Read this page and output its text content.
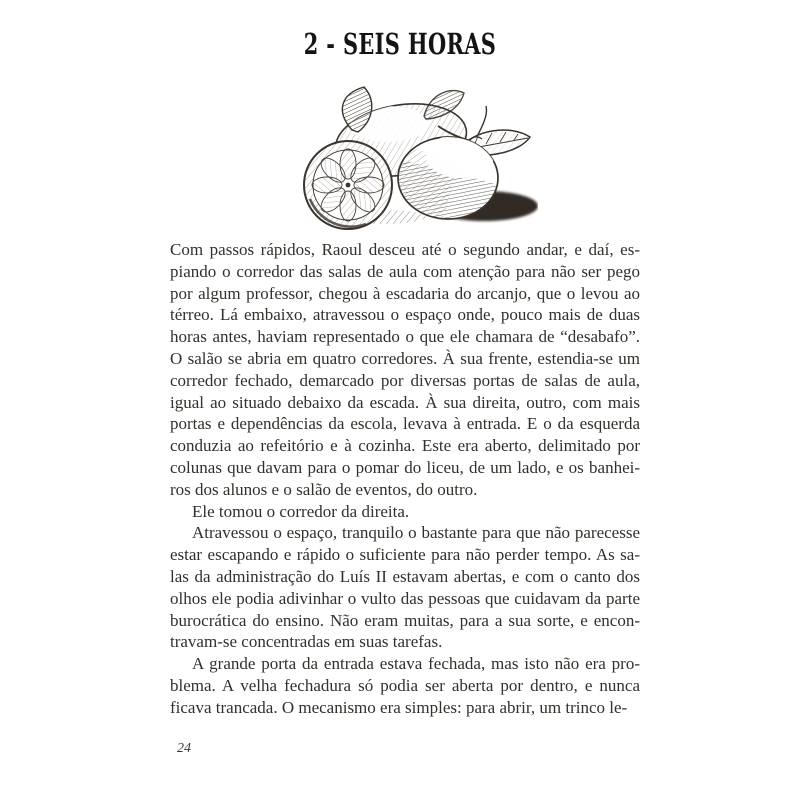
2 - SEIS HORAS
Com passos rápidos, Raoul desceu até o segundo andar, e daí, es-
piando o corredor das salas de aula com atenção para não ser pego
por algum professor, chegou à escadaria do arcanjo, que o levou ao
térreo. Lá embaixo, atravessou o espaço onde, pouco mais de duas
horas antes, haviam representado o que ele chamara de “desabafo”.
O salão se abria em quatro corredores. À sua frente, estendia-se um
corredor fechado, demarcado por diversas portas de salas de aula,
igual ao situado debaixo da escada. À sua direita, outro, com mais
portas e dependências da escola, levava à entrada. E o da esquerda
conduzia ao refeitório e à cozinha. Este era aberto, delimitado por
colunas que davam para o pomar do liceu, de um lado, e os banhei-
ros dos alunos e o salão de eventos, do outro.
Ele tomou o corredor da direita.
Atravessou o espaço, tranquilo o bastante para que não parecesse
estar escapando e rápido o suficiente para não perder tempo. As sa-
las da administração do Luís II estavam abertas, e com o canto dos
olhos ele podia adivinhar o vulto das pessoas que cuidavam da parte
burocrática do ensino. Não eram muitas, para a sua sorte, e encon-
travam-se concentradas em suas tarefas.
A grande porta da entrada estava fechada, mas isto não era pro-
blema. A velha fechadura só podia ser aberta por dentro, e nunca
ficava trancada. O mecanismo era simples: para abrir, um trinco le-
24
